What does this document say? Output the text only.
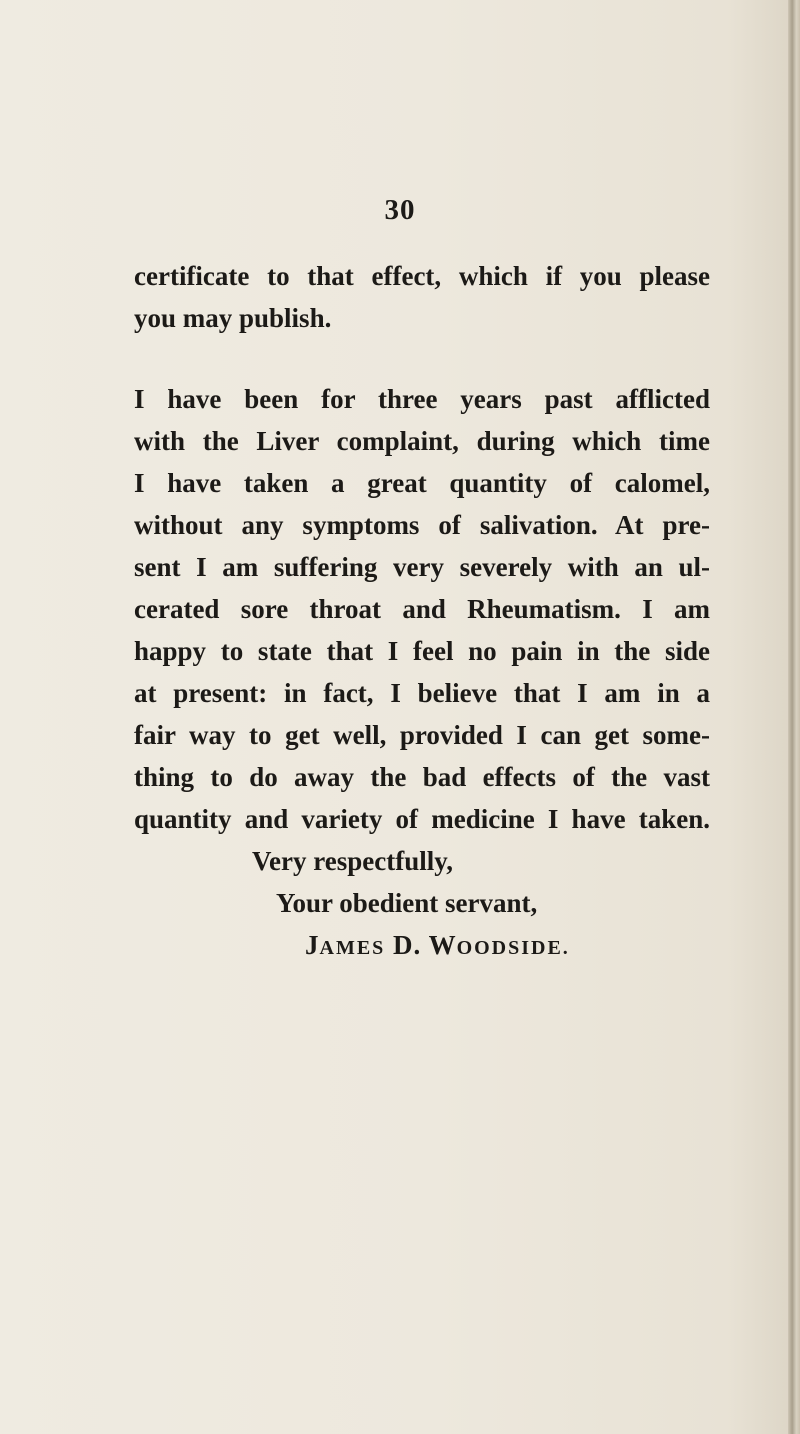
30
certificate to that effect, which if you please
you may publish.
I have been for three years past afflicted
with the Liver complaint, during which time
I have taken a great quantity of calomel,
without any symptoms of salivation. At pre-
sent I am suffering very severely with an ul-
cerated sore throat and Rheumatism. I am
happy to state that I feel no pain in the side
at present: in fact, I believe that I am in a
fair way to get well, provided I can get some-
thing to do away the bad effects of the vast
quantity and variety of medicine I have taken.
Very respectfully,
Your obedient servant,
JAMES D. WOODSIDE.
